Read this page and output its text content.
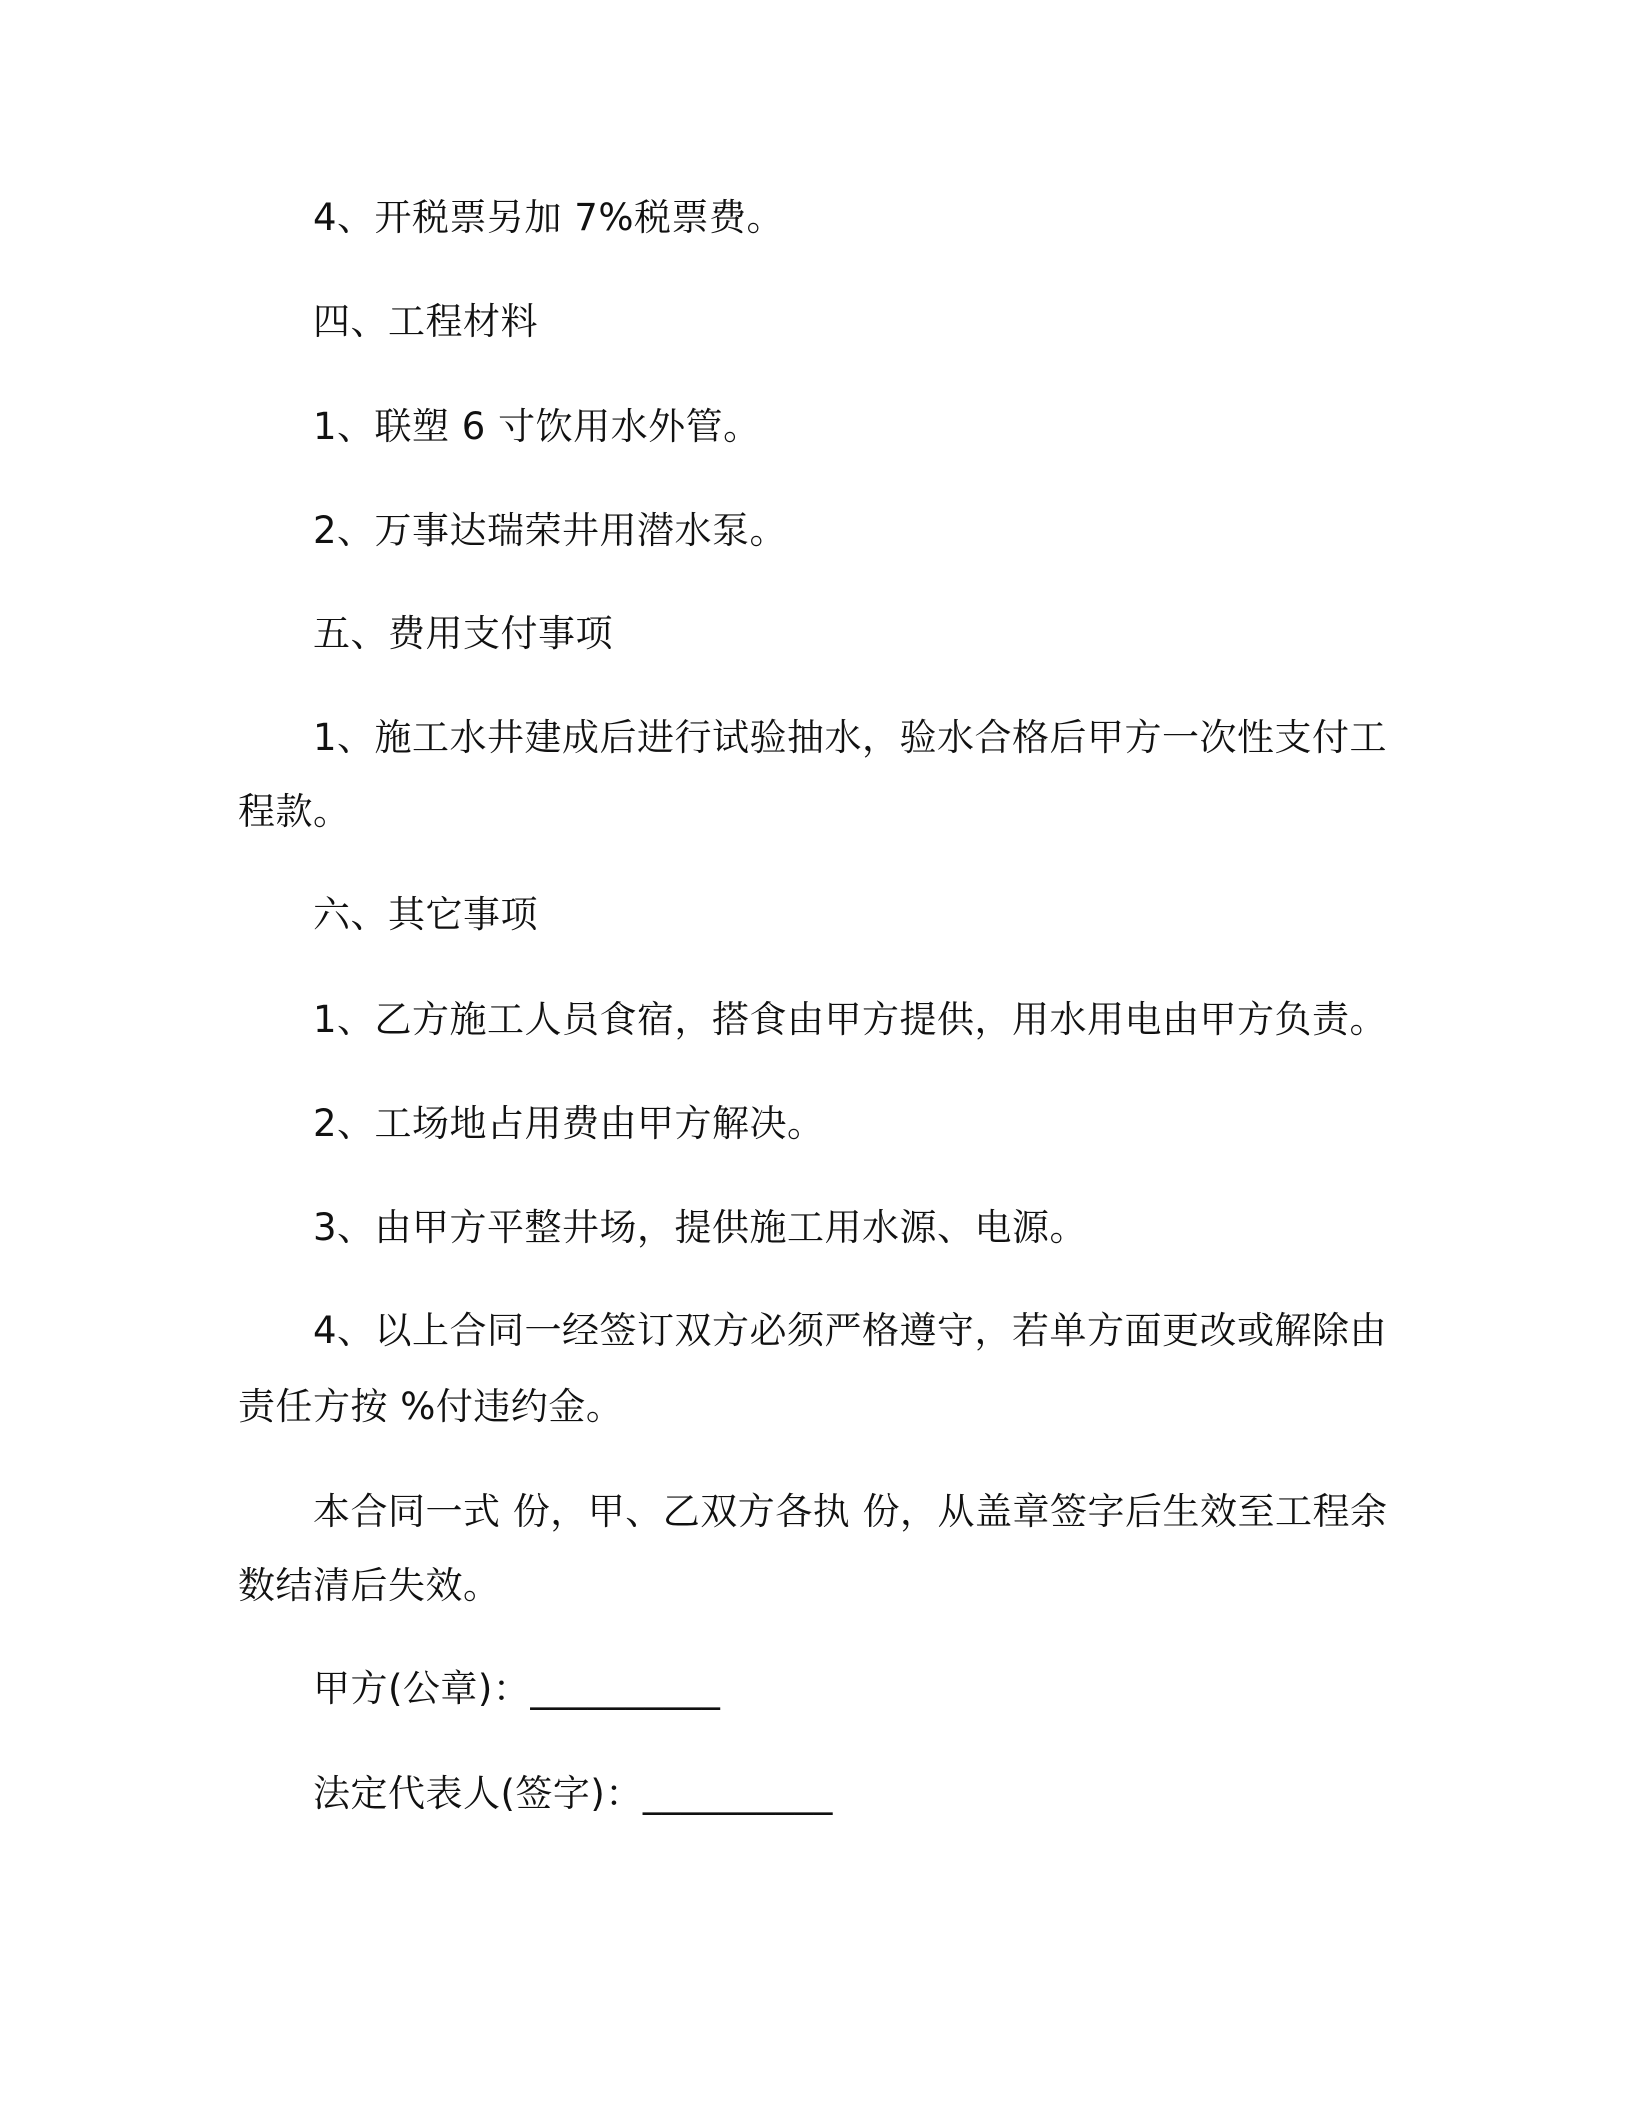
4、开税票另加 7%税票费。

四、工程材料

1、联塑 6 寸饮用水外管。

2、万事达瑞荣井用潜水泵。

五、费用支付事项

1、施工水井建成后进行试验抽水，验水合格后甲方一次性支付工

程款。

六、其它事项

1、乙方施工人员食宿，搭食由甲方提供，用水用电由甲方负责。

2、工场地占用费由甲方解决。

3、由甲方平整井场，提供施工用水源、电源。

4、以上合同一经签订双方必须严格遵守，若单方面更改或解除由

责任方按 %付违约金。

本合同一式 份，甲、乙双方各执 份，从盖章签字后生效至工程余

数结清后失效。

甲方(公章)：__________

法定代表人(签字)：__________
